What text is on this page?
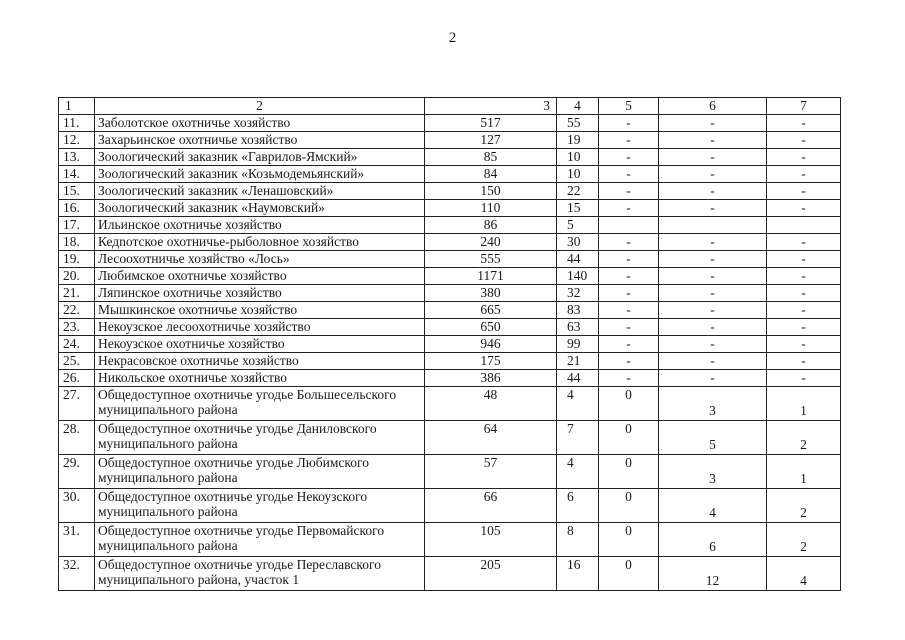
2
1	2	3	4	5	6	7
11.	Заболотское охотничье хозяйство	517	55	-	-	-
12.	Захарьинское охотничье хозяйство	127	19	-	-	-
13.	Зоологический заказник «Гаврилов-Ямский»	85	10	-	-	-
14.	Зоологический заказник «Козьмодемьянский»	84	10	-	-	-
15.	Зоологический заказник «Ленашовский»	150	22	-	-	-
16.	Зоологический заказник «Наумовский»	110	15	-	-	-
17.	Ильинское охотничье хозяйство	86	5			
18.	Кедnотское охотничье-рыболовное хозяйство	240	30	-	-	-
19.	Лесоохотничье хозяйство «Лось»	555	44	-	-	-
20.	Любимское охотничье хозяйство	1171	140	-	-	-
21.	Ляпинское охотничье хозяйство	380	32	-	-	-
22.	Мышкинское охотничье хозяйство	665	83	-	-	-
23.	Некоузское лесоохотничье хозяйство	650	63	-	-	-
24.	Некоузское охотничье хозяйство	946	99	-	-	-
25.	Некрасовское охотничье хозяйство	175	21	-	-	-
26.	Никольское охотничье хозяйство	386	44	-	-	-
27.	Общедоступное охотничье угодье Большесельского муниципального района	48	4	0	3	1
28.	Общедоступное охотничье угодье Даниловского муниципального района	64	7	0	5	2
29.	Общедоступное охотничье угодье Любимского муниципального района	57	4	0	3	1
30.	Общедоступное охотничье угодье Некоузского муниципального района	66	6	0	4	2
31.	Общедоступное охотничье угодье Первомайского муниципального района	105	8	0	6	2
32.	Общедоступное охотничье угодье Переславского муниципального района, участок 1	205	16	0	12	4
